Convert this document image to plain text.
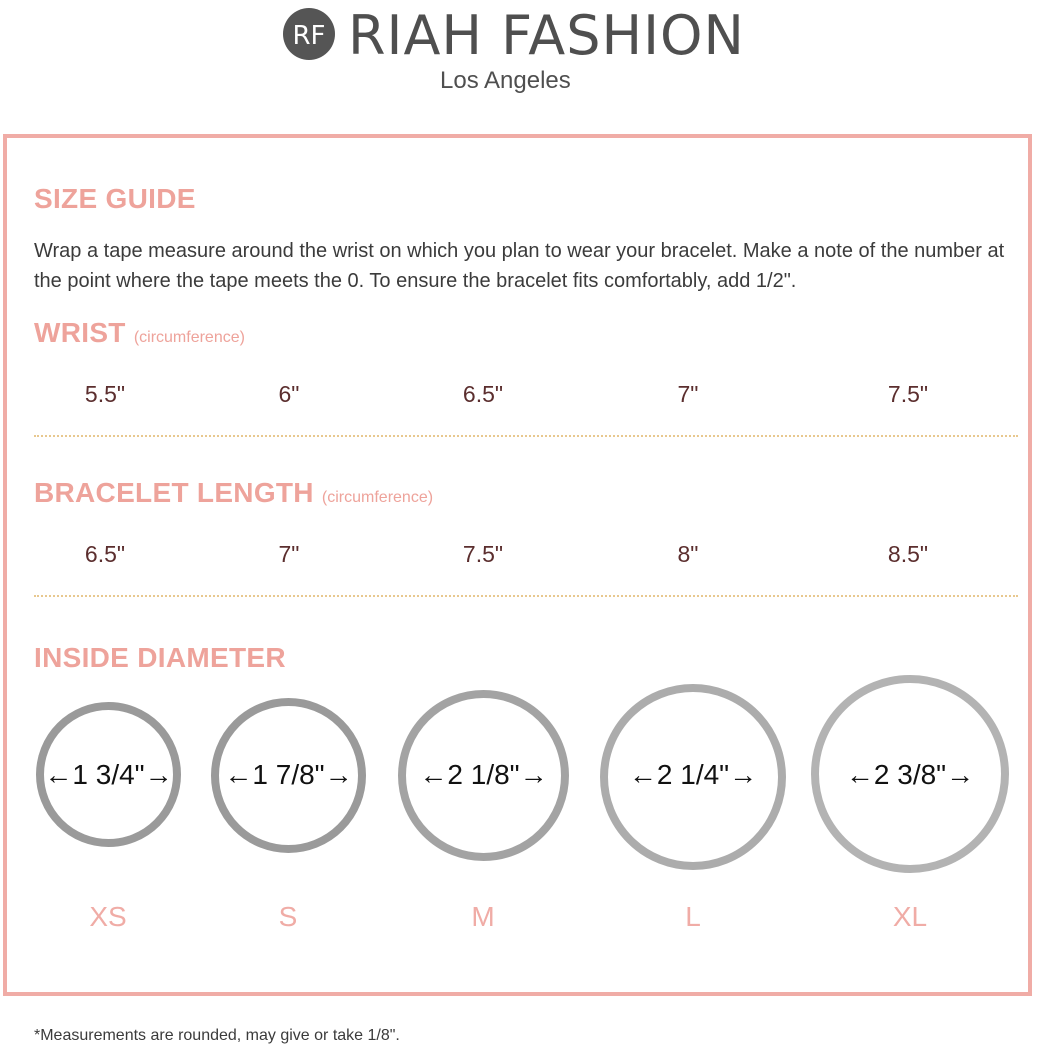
RF RIAH FASHION
Los Angeles
SIZE GUIDE
Wrap a tape measure around the wrist on which you plan to wear your bracelet. Make a note of the number at the point where the tape meets the 0. To ensure the bracelet fits comfortably, add 1/2".
WRIST (circumference)
5.5"	6"	6.5"	7"	7.5"
BRACELET LENGTH (circumference)
6.5"	7"	7.5"	8"	8.5"
INSIDE DIAMETER
←1 3/4"→	←1 7/8"→	←2 1/8"→	←2 1/4"→	←2 3/8"→
XS	S	M	L	XL
*Measurements are rounded, may give or take 1/8".
